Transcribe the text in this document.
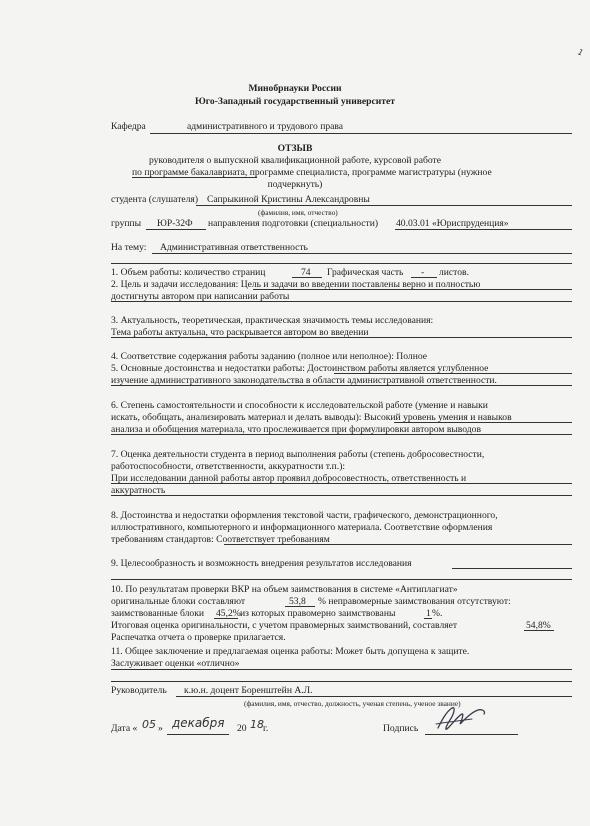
1
Минобрнауки России
Юго-Западный государственный университет
Кафедра	административного и трудового права
ОТЗЫВ
руководителя о выпускной квалификационной работе, курсовой работе
по программе бакалавриата, программе специалиста, программе магистратуры (нужное
подчеркнуть)
студента (слушателя) Сапрыкиной Кристины Александровны
(фамилия, имя, отчество)
группы ЮР-32Ф направления подготовки (специальности) 40.03.01 «Юриспруденция»
На тему: Административная ответственность
1. Объем работы: количество страниц	74 Графическая часть - листов.
2. Цель и задачи исследования: Цель и задачи во введении поставлены верно и полностью
достигнуты автором при написании работы
3. Актуальность, теоретическая, практическая значимость темы исследования:
Тема работы актуальна, что раскрывается автором во введении
4. Соответствие содержания работы заданию (полное или неполное): Полное
5. Основные достоинства и недостатки работы: Достоинством работы является углубленное
изучение административного законодательства в области административной ответственности.
6. Степень самостоятельности и способности к исследовательской работе (умение и навыки
искать, обобщать, анализировать материал и делать выводы): Высокий уровень умения и навыков
анализа и обобщения материала, что прослеживается при формулировки автором выводов
7. Оценка деятельности студента в период выполнения работы (степень добросовестности,
работоспособности, ответственности, аккуратности т.п.):
При исследовании данной работы автор проявил добросовестность, ответственность и
аккуратность
8. Достоинства и недостатки оформления текстовой части, графического, демонстрационного,
иллюстративного, компьютерного и информационного материала. Соответствие оформления
требованиям стандартов: Соответствует требованиям
9. Целесообразность и возможность внедрения результатов исследования
10. По результатам проверки ВКР на объем заимствования в системе «Антиплагиат»
оригинальные блоки составляют	53,8 % неправомерные заимствования отсутствуют:
заимствованные блоки 45,2% из которых правомерно заимствованы	1 %.
Итоговая оценка оригинальности, с учетом правомерных заимствований, составляет	54,8%
Распечатка отчета о проверке прилагается.
11. Общее заключение и предлагаемая оценка работы: Может быть допущена к защите.
Заслуживает оценки «отлично»
Руководитель к.ю.н. доцент Боренштейн А.Л.
(фамилия, имя, отчество, должность, ученая степень, ученое звание)
Дата « 05 » декабря 20 18 г.	Подпись
